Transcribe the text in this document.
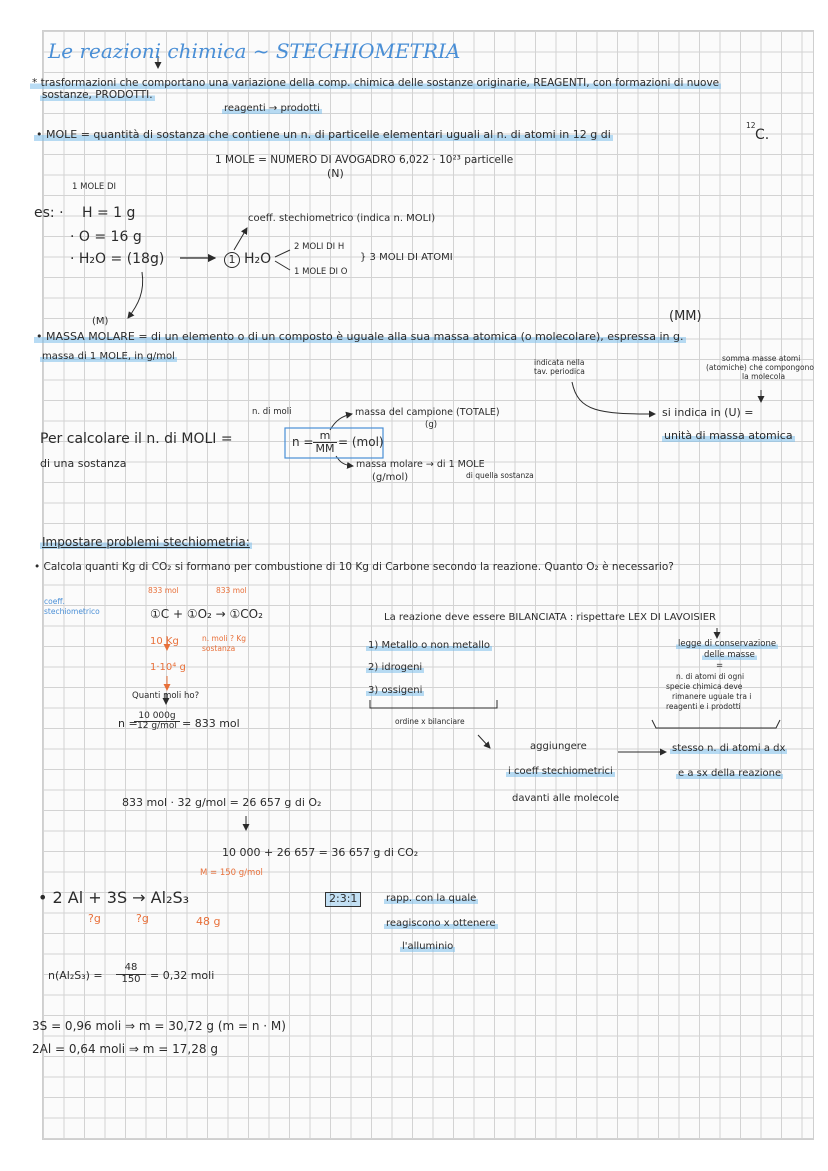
Le reazioni chimica ~ STECHIOMETRIA
* trasformazioni che comportano una variazione della comp. chimica delle sostanze originarie, REAGENTI, con formazioni di nuove
sostanze, PRODOTTI.
reagenti → prodotti
• MOLE = quantità di sostanza che contiene un n. di particelle elementari uguali al n. di atomi in 12 g di
12
C.
1 MOLE = NUMERO DI AVOGADRO 6,022 · 10²³ particelle
(N)
1 MOLE DI
es: · H = 1 g
· O = 16 g
· H₂O = (18g)
coeff. stechiometrico (indica n. MOLI)
1 H₂O
2 MOLI DI H
1 MOLE DI O
} 3 MOLI DI ATOMI
(M)	(MM)
• MASSA MOLARE = di un elemento o di un composto è uguale alla sua massa atomica (o molecolare), espressa in g.
massa di 1 MOLE, in g/mol
indicata nella
tav. periodica
somma masse atomi
(atomiche) che compongono
la molecola
si indica in (U) =
unità di massa atomica
n. di moli	massa del campione (TOTALE)
(g)
Per calcolare il n. di MOLI =
di una sostanza
$n = \frac{m}{MM} = (mol)$
massa molare → di 1 MOLE
(g/mol)	di quella sostanza
Impostare problemi stechiometria:
• Calcola quanti Kg di CO₂ si formano per combustione di 10 Kg di Carbone secondo la reazione. Quanto O₂ è necessario?
coeff.
stechiometrico
833 mol	833 mol
①C + ①O₂ → ①CO₂
10 Kg
1·10⁴ g
n. moli ? Kg
sostanza
Quanti moli ho?
n =
10 000g
12 g/mol = 833 mol
833 mol · 32 g/mol = 26 657 g di O₂
10 000 + 26 657 = 36 657 g di CO₂
La reazione deve essere BILANCIATA : rispettare LEX DI LAVOISIER
1) Metallo o non metallo
2) idrogeni
3) ossigeni
ordine x bilanciare
aggiungere
i coeff stechiometrici
davanti alle molecole
stesso n. di atomi a dx
e a sx della reazione
legge di conservazione
delle masse
=
n. di atomi di ogni
specie chimica deve
rimanere uguale tra i
reagenti e i prodotti
M = 150 g/mol
• 2 Al + 3S → Al₂S₃
?g	?g	48 g
2:3:1	rapp. con la quale
reagiscono x ottenere
l'alluminio
$n(Al_2S_3) = \frac{48}{150} = 0,32$ moli
3S = 0,96 moli ⇒ m = 30,72 g (m = n · M)
2Al = 0,64 moli ⇒ m = 17,28 g
